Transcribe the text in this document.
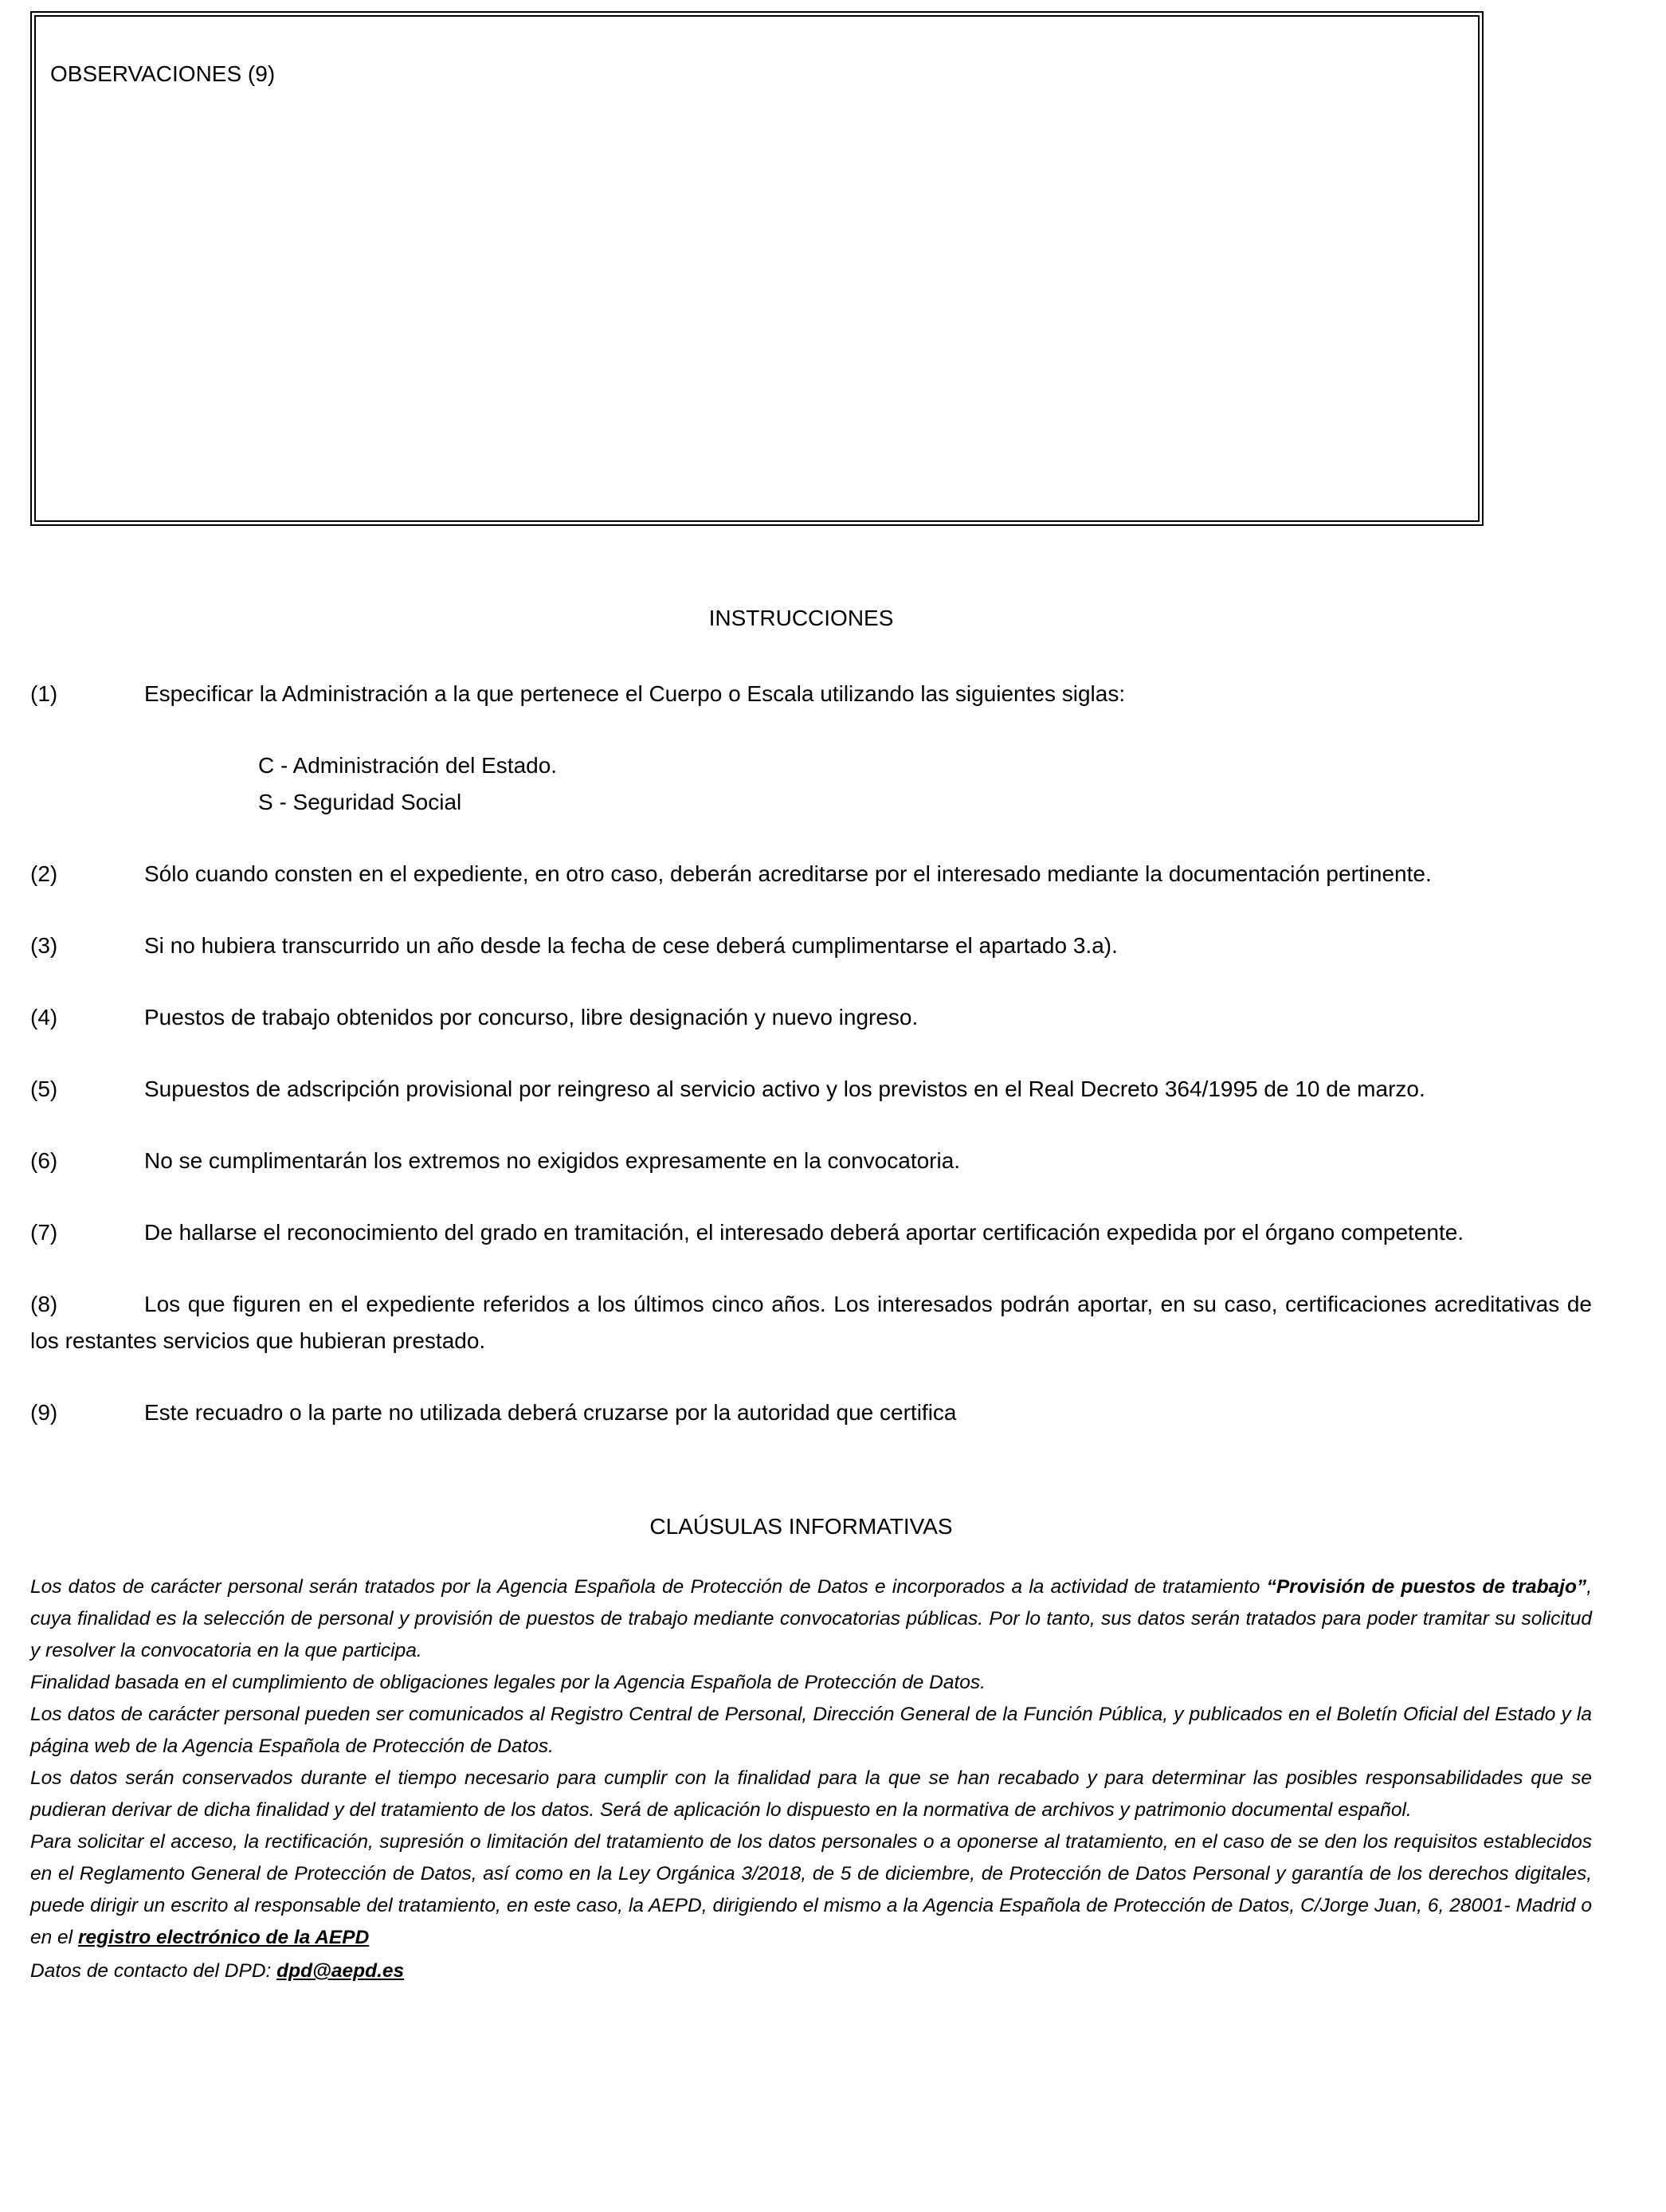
OBSERVACIONES (9)
INSTRUCCIONES
(1)	Especificar la Administración a la que pertenece el Cuerpo o Escala utilizando las siguientes siglas:
C - Administración del Estado.
S - Seguridad Social
(2)	Sólo cuando consten en el expediente, en otro caso, deberán acreditarse por el interesado mediante la documentación pertinente.
(3)	Si no hubiera transcurrido un año desde la fecha de cese deberá cumplimentarse el apartado 3.a).
(4)	Puestos de trabajo obtenidos por concurso, libre designación y nuevo ingreso.
(5)	Supuestos de adscripción provisional por reingreso al servicio activo y los previstos en el Real Decreto 364/1995 de 10 de marzo.
(6)	No se cumplimentarán los extremos no exigidos expresamente en la convocatoria.
(7)	De hallarse el reconocimiento del grado en tramitación, el interesado deberá aportar certificación expedida por el órgano competente.
(8)	Los que figuren en el expediente referidos a los últimos cinco años. Los interesados podrán aportar, en su caso, certificaciones acreditativas de los restantes servicios que hubieran prestado.
(9)	Este recuadro o la parte no utilizada deberá cruzarse por la autoridad que certifica
CLAÚSULAS INFORMATIVAS

Los datos de carácter personal serán tratados por la Agencia Española de Protección de Datos e incorporados a la actividad de tratamiento “Provisión de puestos de trabajo”, cuya finalidad es la selección de personal y provisión de puestos de trabajo mediante convocatorias públicas. Por lo tanto, sus datos serán tratados para poder tramitar su solicitud y resolver la convocatoria en la que participa.

Finalidad basada en el cumplimiento de obligaciones legales por la Agencia Española de Protección de Datos.

Los datos de carácter personal pueden ser comunicados al Registro Central de Personal, Dirección General de la Función Pública, y publicados en el Boletín Oficial del Estado y la página web de la Agencia Española de Protección de Datos.

Los datos serán conservados durante el tiempo necesario para cumplir con la finalidad para la que se han recabado y para determinar las posibles responsabilidades que se pudieran derivar de dicha finalidad y del tratamiento de los datos. Será de aplicación lo dispuesto en la normativa de archivos y patrimonio documental español.

Para solicitar el acceso, la rectificación, supresión o limitación del tratamiento de los datos personales o a oponerse al tratamiento, en el caso de se den los requisitos establecidos en el Reglamento General de Protección de Datos, así como en la Ley Orgánica 3/2018, de 5 de diciembre, de Protección de Datos Personal y garantía de los derechos digitales, puede dirigir un escrito al responsable del tratamiento, en este caso, la AEPD, dirigiendo el mismo a la Agencia Española de Protección de Datos, C/Jorge Juan, 6, 28001- Madrid o en el registro electrónico de la AEPD

Datos de contacto del DPD: dpd@aepd.es
